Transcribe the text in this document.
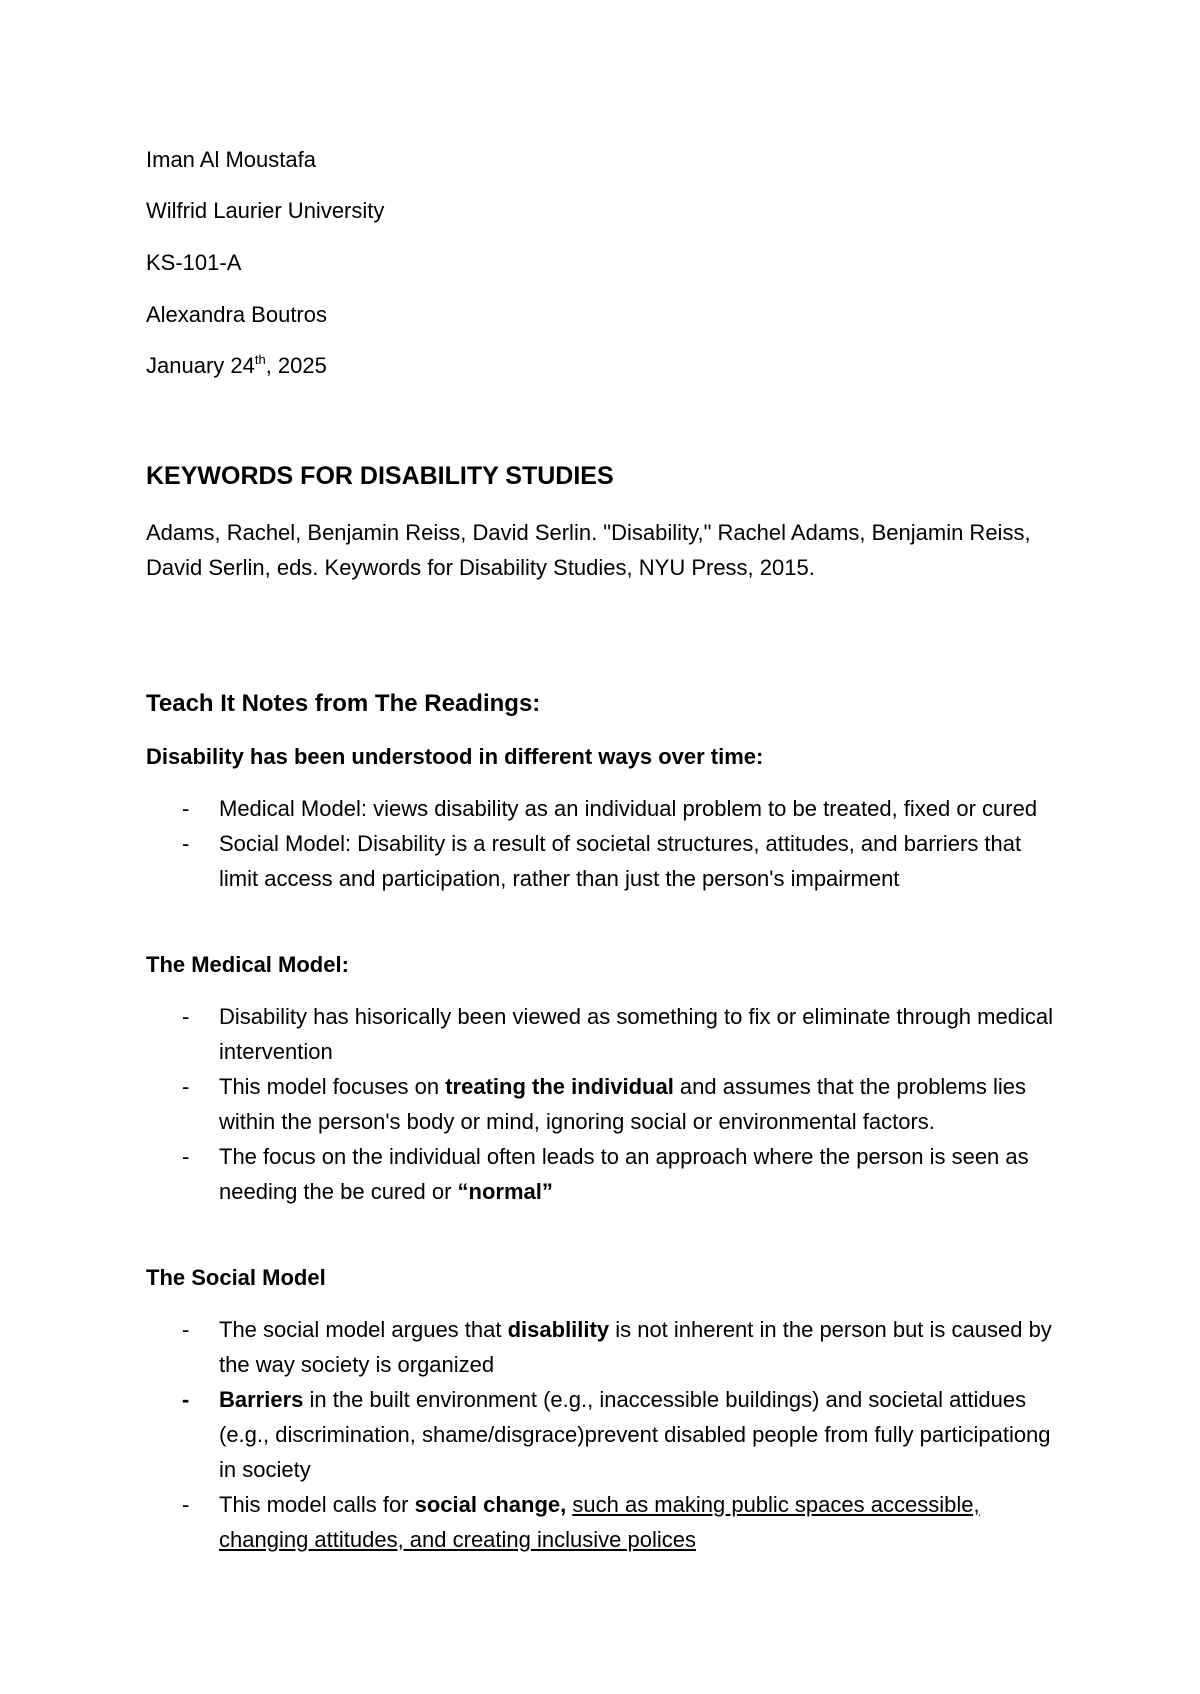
Iman Al Moustafa
Wilfrid Laurier University
KS-101-A
Alexandra Boutros
January 24th, 2025
KEYWORDS FOR DISABILITY STUDIES

Adams, Rachel, Benjamin Reiss, David Serlin. "Disability," Rachel Adams, Benjamin Reiss, David Serlin, eds. Keywords for Disability Studies, NYU Press, 2015.

Teach It Notes from The Readings:
Disability has been understood in different ways over time:
- Medical Model: views disability as an individual problem to be treated, fixed or cured
- Social Model: Disability is a result of societal structures, attitudes, and barriers that limit access and participation, rather than just the person's impairment
The Medical Model:
- Disability has hisorically been viewed as something to fix or eliminate through medical intervention
- This model focuses on treating the individual and assumes that the problems lies within the person's body or mind, ignoring social or environmental factors.
- The focus on the individual often leads to an approach where the person is seen as needing the be cured or “normal”
The Social Model
- The social model argues that disablility is not inherent in the person but is caused by the way society is organized
- Barriers in the built environment (e.g., inaccessible buildings) and societal attidues (e.g., discrimination, shame/disgrace)prevent disabled people from fully participationg in society
- This model calls for social change, such as making public spaces accessible, changing attitudes, and creating inclusive polices
